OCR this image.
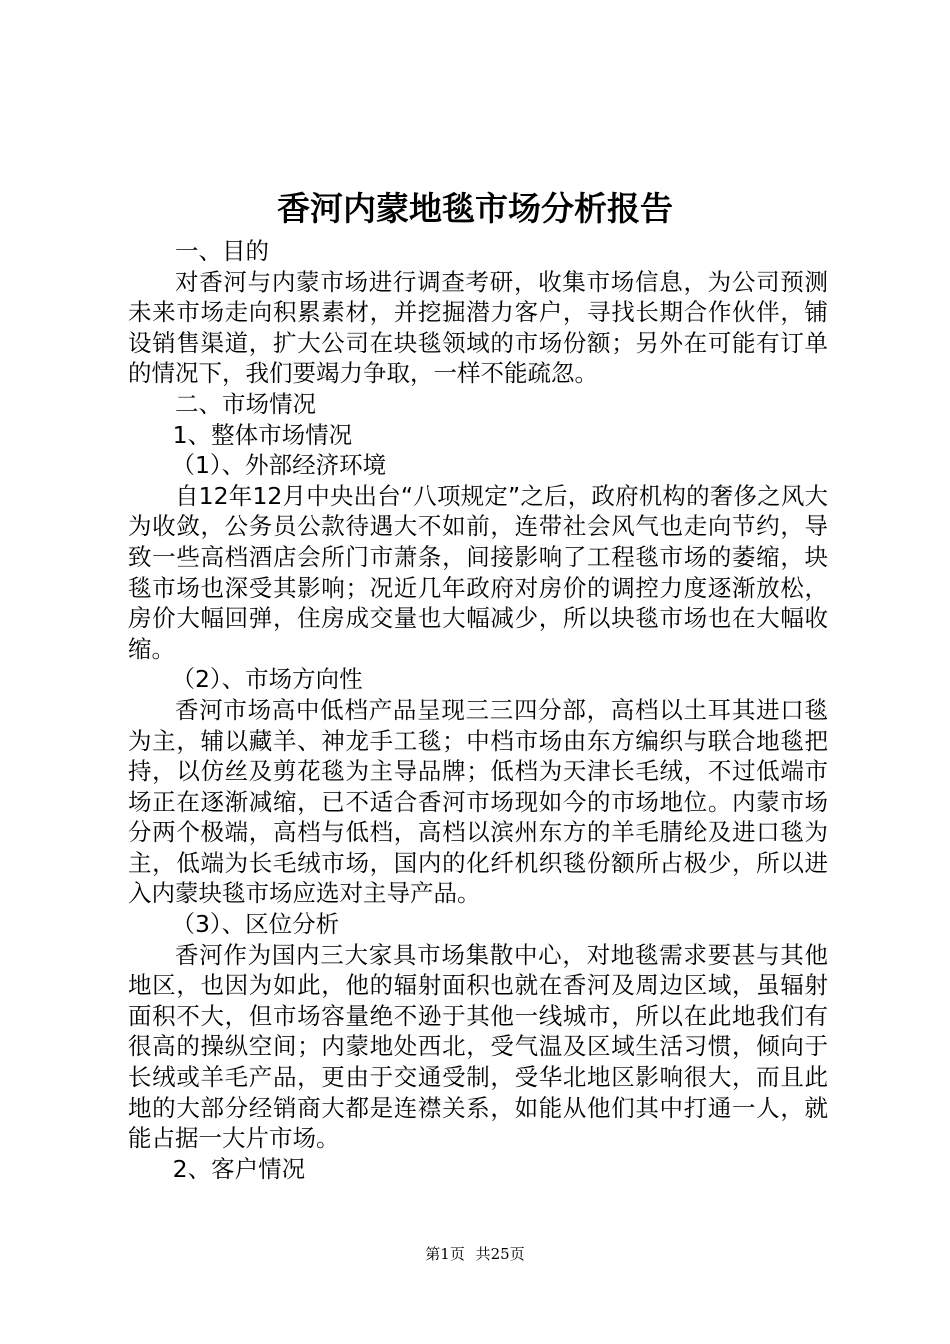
香河内蒙地毯市场分析报告

一、目的

对香河与内蒙市场进行调查考研，收集市场信息，为公司预测未来市场走向积累素材，并挖掘潜力客户，寻找长期合作伙伴，铺设销售渠道，扩大公司在块毯领域的市场份额；另外在可能有订单的情况下，我们要竭力争取，一样不能疏忽。

二、市场情况

1、整体市场情况

（1）、外部经济环境

自12年12月中央出台“八项规定”之后，政府机构的奢侈之风大为收敛，公务员公款待遇大不如前，连带社会风气也走向节约，导致一些高档酒店会所门市萧条，间接影响了工程毯市场的萎缩，块毯市场也深受其影响；况近几年政府对房价的调控力度逐渐放松，房价大幅回弹，住房成交量也大幅减少，所以块毯市场也在大幅收缩。

（2）、市场方向性

香河市场高中低档产品呈现三三四分部，高档以土耳其进口毯为主，辅以藏羊、神龙手工毯；中档市场由东方编织与联合地毯把持，以仿丝及剪花毯为主导品牌；低档为天津长毛绒，不过低端市场正在逐渐减缩，已不适合香河市场现如今的市场地位。内蒙市场分两个极端，高档与低档，高档以滨州东方的羊毛腈纶及进口毯为主，低端为长毛绒市场，国内的化纤机织毯份额所占极少，所以进入内蒙块毯市场应选对主导产品。

（3）、区位分析

香河作为国内三大家具市场集散中心，对地毯需求要甚与其他地区，也因为如此，他的辐射面积也就在香河及周边区域，虽辐射面积不大，但市场容量绝不逊于其他一线城市，所以在此地我们有很高的操纵空间；内蒙地处西北，受气温及区域生活习惯，倾向于长绒或羊毛产品，更由于交通受制，受华北地区影响很大，而且此地的大部分经销商大都是连襟关系，如能从他们其中打通一人，就能占据一大片市场。

2、客户情况

第1页 共25页
